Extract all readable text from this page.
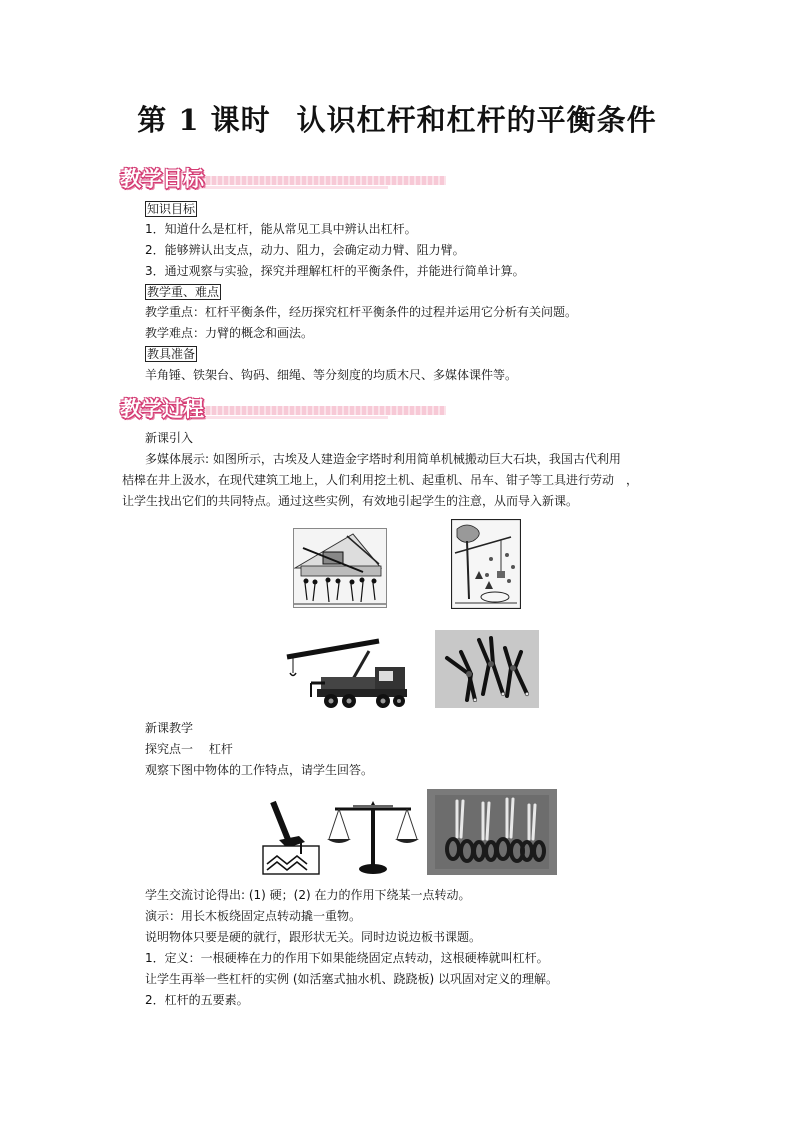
第 1 课时 认识杠杆和杠杆的平衡条件
教学目标
知识目标
1．知道什么是杠杆，能从常见工具中辨认出杠杆。
2．能够辨认出支点，动力、阻力，会确定动力臂、阻力臂。
3．通过观察与实验，探究并理解杠杆的平衡条件，并能进行简单计算。
教学重、难点
教学重点：杠杆平衡条件，经历探究杠杆平衡条件的过程并运用它分析有关问题。
教学难点：力臂的概念和画法。
教具准备
羊角锤、铁架台、钩码、细绳、等分刻度的均质木尺、多媒体课件等。
教学过程
新课引入
多媒体展示: 如图所示，古埃及人建造金字塔时利用简单机械搬动巨大石块，我国古代利用
桔槔在井上汲水，在现代建筑工地上，人们利用挖土机、起重机、吊车、钳子等工具进行劳动　，
让学生找出它们的共同特点。通过这些实例，有效地引起学生的注意，从而导入新课。
新课教学
探究点一　 杠杆
观察下图中物体的工作特点，请学生回答。
学生交流讨论得出: (1) 硬；(2) 在力的作用下绕某一点转动。
演示：用长木板绕固定点转动撬一重物。
说明物体只要是硬的就行，跟形状无关。同时边说边板书课题。
1．定义：一根硬棒在力的作用下如果能绕固定点转动，这根硬棒就叫杠杆。
让学生再举一些杠杆的实例 (如活塞式抽水机、跷跷板) 以巩固对定义的理解。
2．杠杆的五要素。
